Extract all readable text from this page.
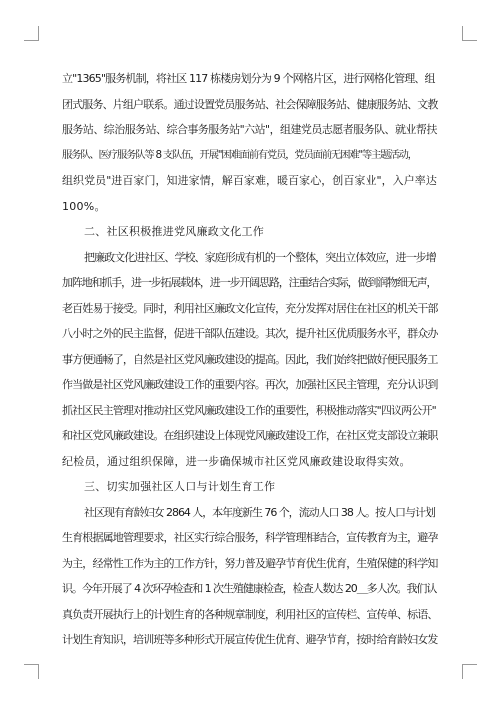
立"1365"服务机制，将社区 117 栋楼房划分为 9 个网格片区，进行网格化管理、组
团式服务、片组户联系。通过设置党员服务站、社会保障服务站、健康服务站、文教
服务站、综治服务站、综合事务服务站"六站"，组建党员志愿者服务队、就业帮扶
服务队、医疗服务队等 8 支队伍，开展"困难面前有党员，党员面前无困难"等主题活动，
组织党员"进百家门，知进家情，解百家难，暖百家心，创百家业"，入户率达
100%。
二、社区积极推进党风廉政文化工作
把廉政文化进社区、学校、家庭形成有机的一个整体，突出立体效应，进一步增
加阵地和抓手，进一步拓展载体，进一步开阔思路，注重结合实际，做到润物细无声，
老百姓易于接受。同时，利用社区廉政文化宣传，充分发挥对居住在社区的机关干部
八小时之外的民主监督，促进干部队伍建设。其次，提升社区优质服务水平，群众办
事方便通畅了，自然是社区党风廉政建设的提高。因此，我们始终把做好便民服务工
作当做是社区党风廉政建设工作的重要内容。再次，加强社区民主管理，充分认识到
抓社区民主管理对推动社区党风廉政建设工作的重要性，积极推动落实"四议两公开"
和社区党风廉政建设。在组织建设上体现党风廉政建设工作，在社区党支部设立兼职
纪检员，通过组织保障，进一步确保城市社区党风廉政建设取得实效。
三、切实加强社区人口与计划生育工作
社区现有育龄妇女 2864 人，本年度新生 76 个，流动人口 38 人。按人口与计划
生育根据属地管理要求，社区实行综合服务，科学管理相结合，宣传教育为主，避孕
为主，经常性工作为主的工作方针，努力普及避孕节育优生优育，生殖保健的科学知
识。今年开展了 4 次环孕检查和 1 次生殖健康检查，检查人数达 20＿多人次。我们认
真负责开展执行上的计划生育的各种规章制度，利用社区的宣传栏、宣传单、标语、
计划生育知识，培训班等多种形式开展宣传优生优育、避孕节育，按时给育龄妇女发
